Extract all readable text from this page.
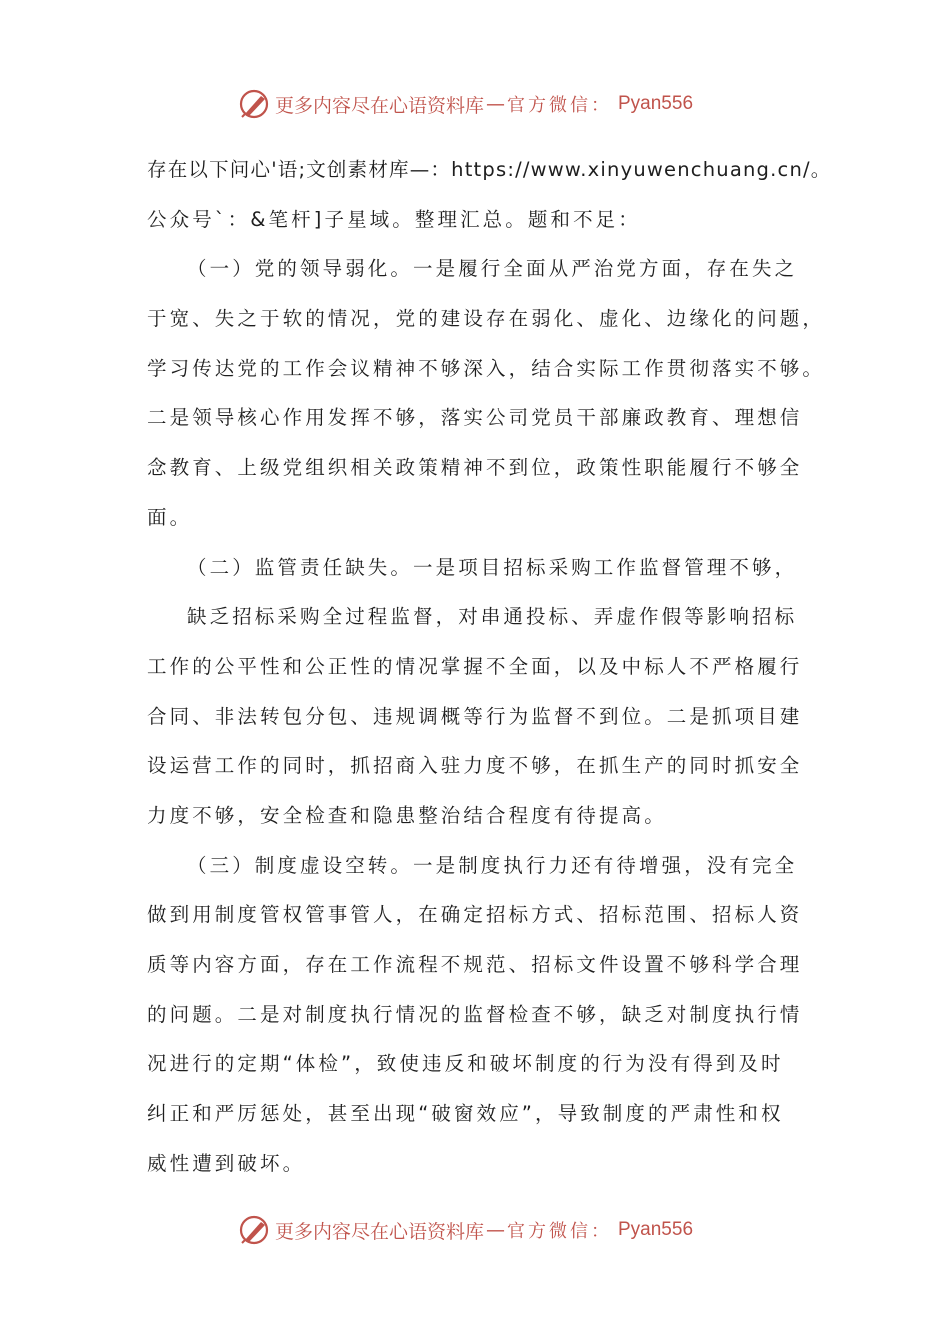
更多内容尽在心语资料库 — 官方微信： Pyan556
存在以下问心'语;文创素材库—：https://www.xinyuwenchuang.cn/。
公众号`：&笔杆]子星域。整理汇总。题和不足：
（一）党的领导弱化。一是履行全面从严治党方面，存在失之
于宽、失之于软的情况，党的建设存在弱化、虚化、边缘化的问题，
学习传达党的工作会议精神不够深入，结合实际工作贯彻落实不够。
二是领导核心作用发挥不够，落实公司党员干部廉政教育、理想信
念教育、上级党组织相关政策精神不到位，政策性职能履行不够全
面。
（二）监管责任缺失。一是项目招标采购工作监督管理不够，
缺乏招标采购全过程监督，对串通投标、弄虚作假等影响招标
工作的公平性和公正性的情况掌握不全面，以及中标人不严格履行
合同、非法转包分包、违规调概等行为监督不到位。二是抓项目建
设运营工作的同时，抓招商入驻力度不够，在抓生产的同时抓安全
力度不够，安全检查和隐患整治结合程度有待提高。
（三）制度虚设空转。一是制度执行力还有待增强，没有完全
做到用制度管权管事管人，在确定招标方式、招标范围、招标人资
质等内容方面，存在工作流程不规范、招标文件设置不够科学合理
的问题。二是对制度执行情况的监督检查不够，缺乏对制度执行情
况进行的定期“体检”，致使违反和破坏制度的行为没有得到及时
纠正和严厉惩处，甚至出现“破窗效应”，导致制度的严肃性和权
威性遭到破坏。
更多内容尽在心语资料库 — 官方微信： Pyan556
